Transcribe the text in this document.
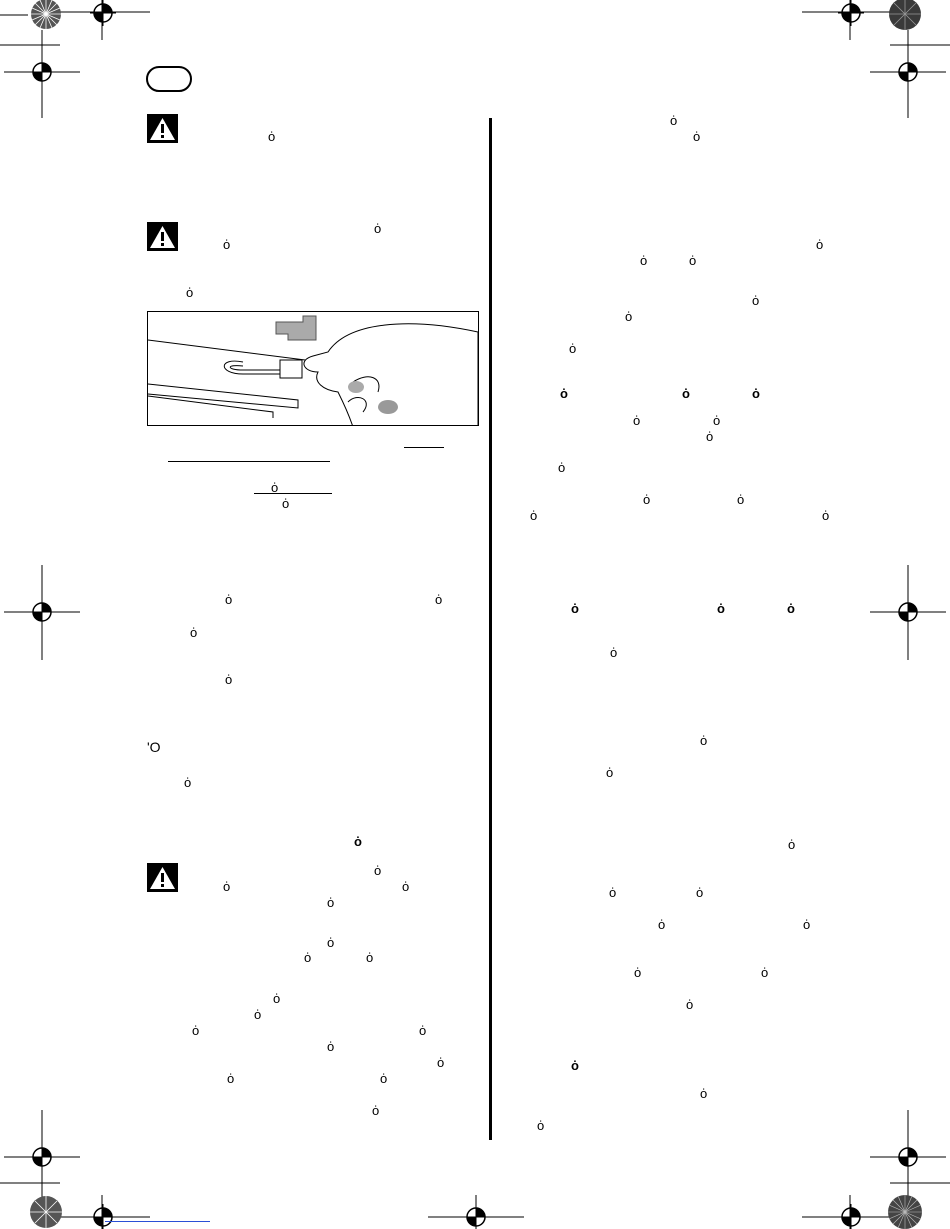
ȯ
ȯ
ȯ
ȯ
ȯ
ȯ
ȯ	ȯ
ȯ
ȯ
ʹO
ȯ
ȯ
ȯ
ȯ	ȯ
ȯ
ȯ
ȯ	ȯ
ȯ
ȯ
ȯ	ȯ
ȯ
ȯ
ȯ	ȯ
ȯ
ȯ
ȯ
ȯ
ȯ	ȯ
ȯ
ȯ
ȯ
ȯ	ȯ	ȯ
ȯ	ȯ
ȯ
ȯ
ȯ	ȯ
ȯ	ȯ
ȯ	ȯ	ȯ
ȯ
ȯ
ȯ
ȯ
ȯ	ȯ
ȯ	ȯ
ȯ	ȯ
ȯ
ȯ
ȯ
ȯ
